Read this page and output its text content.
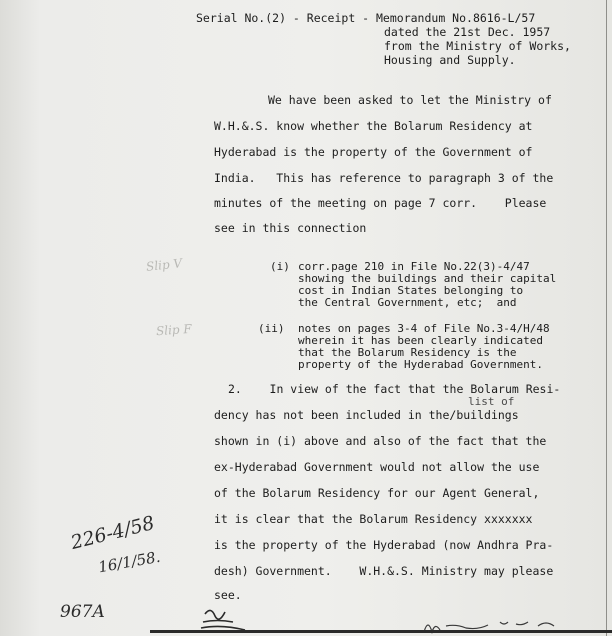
Serial No.(2) - Receipt - Memorandum No.8616-L/57
dated the 21st Dec. 1957
from the Ministry of Works,
Housing and Supply.
We have been asked to let the Ministry of
W.H.&.S. know whether the Bolarum Residency at
Hyderabad is the property of the Government of
India.   This has reference to paragraph 3 of the
minutes of the meeting on page 7 corr.    Please
see in this connection
(i) corr.page 210 in File No.22(3)-4/47
showing the buildings and their capital
cost in Indian States belonging to
the Central Government, etc;  and
(ii) notes on pages 3-4 of File No.3-4/H/48
wherein it has been clearly indicated
that the Bolarum Residency is the
property of the Hyderabad Government.
2.    In view of the fact that the Bolarum Resi-
list of
dency has not been included in the/buildings
shown in (i) above and also of the fact that the
ex-Hyderabad Government would not allow the use
of the Bolarum Residency for our Agent General,
it is clear that the Bolarum Residency xxxxxxx
is the property of the Hyderabad (now Andhra Pra-
desh) Government.    W.H.&.S. Ministry may please
see.
Slip V
Slip F
226-4/58
16/1/58.
967A
